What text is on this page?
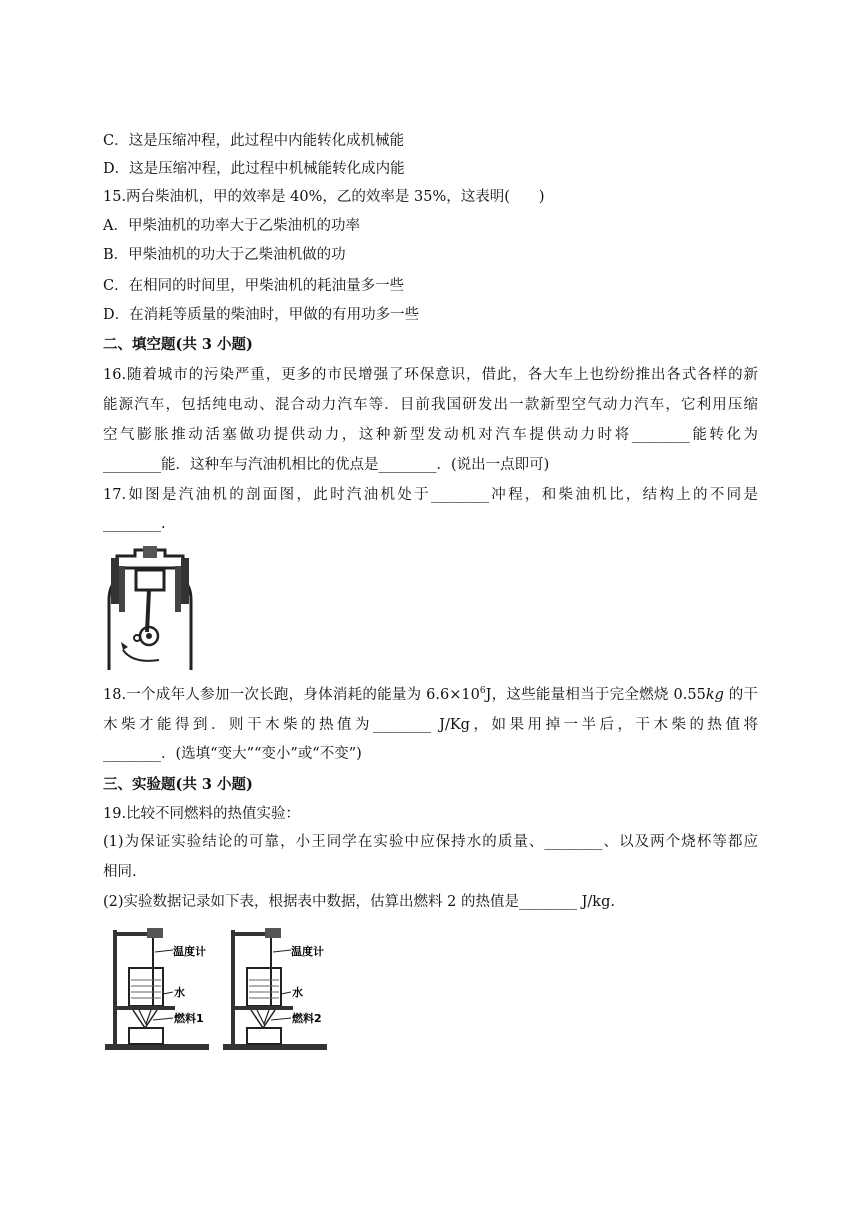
C．这是压缩冲程，此过程中内能转化成机械能
D．这是压缩冲程，此过程中机械能转化成内能
15.两台柴油机，甲的效率是 40%，乙的效率是 35%，这表明(　　)
A．甲柴油机的功率大于乙柴油机的功率
B．甲柴油机的功大于乙柴油机做的功
C．在相同的时间里，甲柴油机的耗油量多一些
D．在消耗等质量的柴油时，甲做的有用功多一些
二、填空题(共 3 小题)
16.随着城市的污染严重，更多的市民增强了环保意识，借此，各大车上也纷纷推出各式各样的新
能源汽车，包括纯电动、混合动力汽车等．目前我国研发出一款新型空气动力汽车，它利用压缩
空气膨胀推动活塞做功提供动力，这种新型发动机对汽车提供动力时将________能转化为
________能．这种车与汽油机相比的优点是________．(说出一点即可)
17.如图是汽油机的剖面图，此时汽油机处于________冲程，和柴油机比，结构上的不同是
________.
18.一个成年人参加一次长跑，身体消耗的能量为 $6.6\times 10^6J$，这些能量相当于完全燃烧 0.55kg 的干
木柴才能得到．则干木柴的热值为________ J/Kg，如果用掉一半后，干木柴的热值将
________．(选填“变大”“变小”或“不变”)
三、实验题(共 3 小题)
19.比较不同燃料的热值实验：
(1)为保证实验结论的可靠，小王同学在实验中应保持水的质量、________、以及两个烧杯等都应
相同.
(2)实验数据记录如下表，根据表中数据，估算出燃料 2 的热值是________ J/kg.
温度计
水
燃料1
温度计
水
燃料2
